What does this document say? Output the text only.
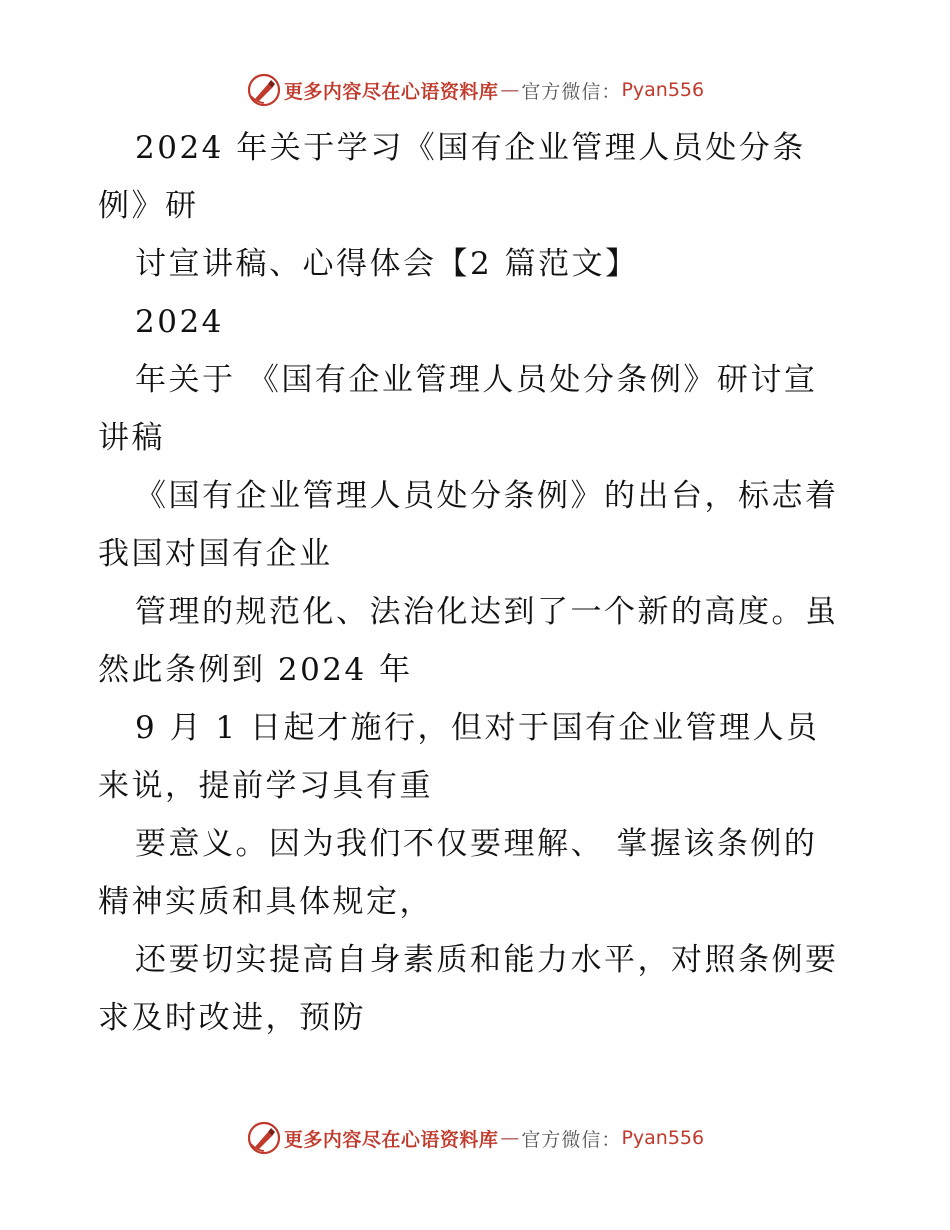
更多内容尽在心语资料库 — 官方微信： Pyan556
2024 年关于学习《国有企业管理人员处分条
例》研
讨宣讲稿、心得体会【2 篇范文】
2024
年关于 《国有企业管理人员处分条例》研讨宣
讲稿
《国有企业管理人员处分条例》的出台，标志着
我国对国有企业
管理的规范化、法治化达到了一个新的高度。虽
然此条例到 2024 年
9 月 1 日起才施行，但对于国有企业管理人员
来说，提前学习具有重
要意义。因为我们不仅要理解、 掌握该条例的
精神实质和具体规定，
还要切实提高自身素质和能力水平，对照条例要
求及时改进，预防
更多内容尽在心语资料库 — 官方微信： Pyan556
